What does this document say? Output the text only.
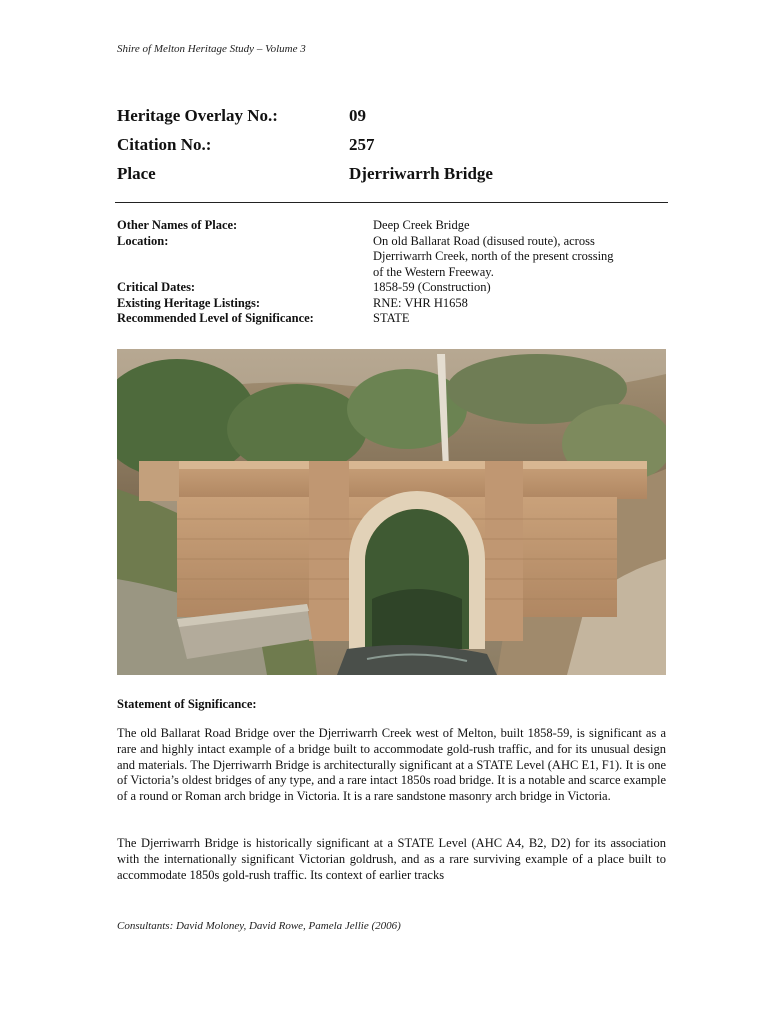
Shire of Melton Heritage Study – Volume 3
Heritage Overlay No.:	09
Citation No.:	257
Place	Djerriwarrh Bridge
Other Names of Place:	Deep Creek Bridge
Location:	On old Ballarat Road (disused route), across
Djerriwarrh Creek, north of the present crossing
of the Western Freeway.
Critical Dates:	1858-59 (Construction)
Existing Heritage Listings:	RNE: VHR H1658
Recommended Level of Significance:	STATE
Statement of Significance:

The old Ballarat Road Bridge over the Djerriwarrh Creek west of Melton, built 1858-59, is significant as a rare and highly intact example of a bridge built to accommodate gold-rush traffic, and for its unusual design and materials. The Djerriwarrh Bridge is architecturally significant at a STATE Level (AHC E1, F1). It is one of Victoria’s oldest bridges of any type, and a rare intact 1850s road bridge. It is a notable and scarce example of a round or Roman arch bridge in Victoria. It is a rare sandstone masonry arch bridge in Victoria.

The Djerriwarrh Bridge is historically significant at a STATE Level (AHC A4, B2, D2) for its association with the internationally significant Victorian goldrush, and as a rare surviving example of a place built to accommodate 1850s gold-rush traffic. Its context of earlier tracks

Consultants: David Moloney, David Rowe, Pamela Jellie (2006)
